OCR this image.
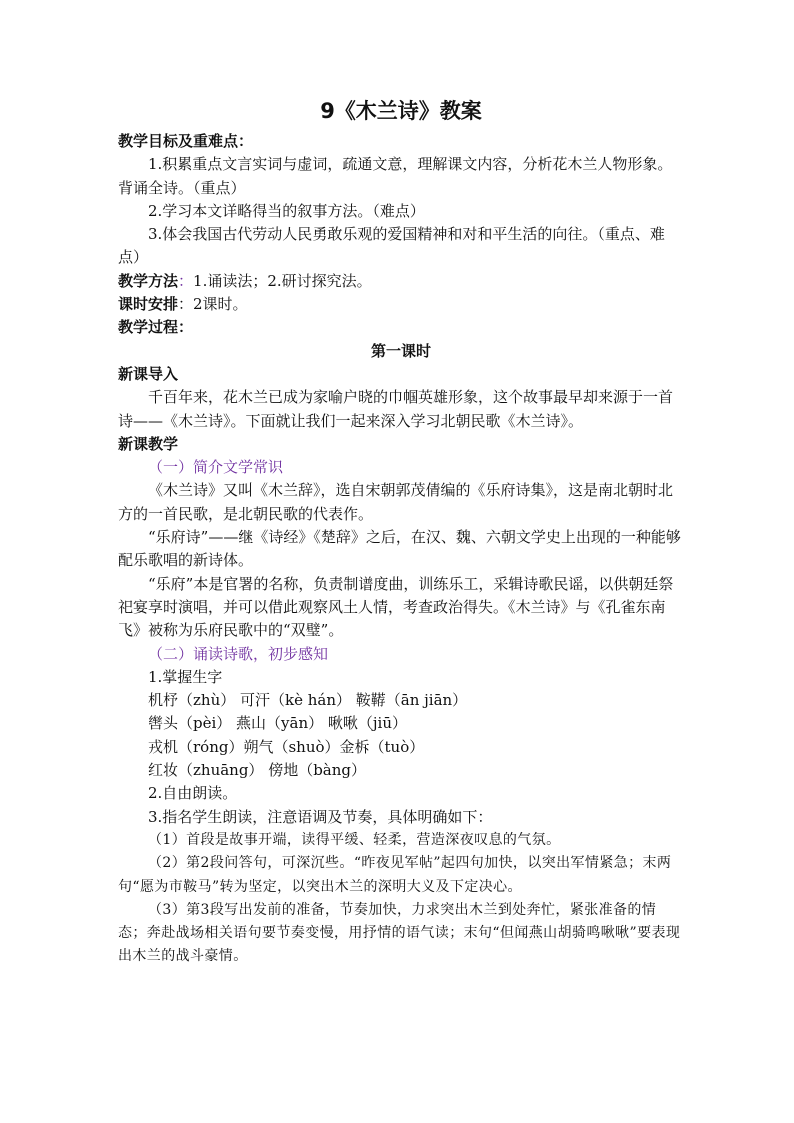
9《木兰诗》教案

教学目标及重难点：

1.积累重点文言实词与虚词，疏通文意，理解课文内容，分析花木兰人物形象。背诵全诗。（重点）

2.学习本文详略得当的叙事方法。（难点）

3.体会我国古代劳动人民勇敢乐观的爱国精神和对和平生活的向往。（重点、难点）

教学方法：1.诵读法；2.研讨探究法。

课时安排：2课时。

教学过程：

第一课时

新课导入

千百年来，花木兰已成为家喻户晓的巾帼英雄形象，这个故事最早却来源于一首诗——《木兰诗》。下面就让我们一起来深入学习北朝民歌《木兰诗》。

新课教学

（一）简介文学常识

《木兰诗》又叫《木兰辞》，选自宋朝郭茂倩编的《乐府诗集》，这是南北朝时北方的一首民歌，是北朝民歌的代表作。

“乐府诗”——继《诗经》《楚辞》之后，在汉、魏、六朝文学史上出现的一种能够配乐歌唱的新诗体。

“乐府”本是官署的名称，负责制谱度曲，训练乐工，采辑诗歌民谣，以供朝廷祭祀宴享时演唱，并可以借此观察风土人情，考查政治得失。《木兰诗》与《孔雀东南飞》被称为乐府民歌中的“双璧”。

（二）诵读诗歌，初步感知

1.掌握生字

机杼（zhù） 可汗（kè hán） 鞍鞯（ān jiān）

辔头（pèi） 燕山（yān） 啾啾（jiū）

戎机（róng）朔气（shuò）金柝（tuò）

红妆（zhuāng） 傍地（bàng）

2.自由朗读。

3.指名学生朗读，注意语调及节奏，具体明确如下：

（1）首段是故事开端，读得平缓、轻柔，营造深夜叹息的气氛。

（2）第2段问答句，可深沉些。“昨夜见军帖”起四句加快，以突出军情紧急；末两句“愿为市鞍马”转为坚定，以突出木兰的深明大义及下定决心。

（3）第3段写出发前的准备，节奏加快，力求突出木兰到处奔忙，紧张准备的情态；奔赴战场相关语句要节奏变慢，用抒情的语气读；末句“但闻燕山胡骑鸣啾啾”要表现出木兰的战斗豪情。
